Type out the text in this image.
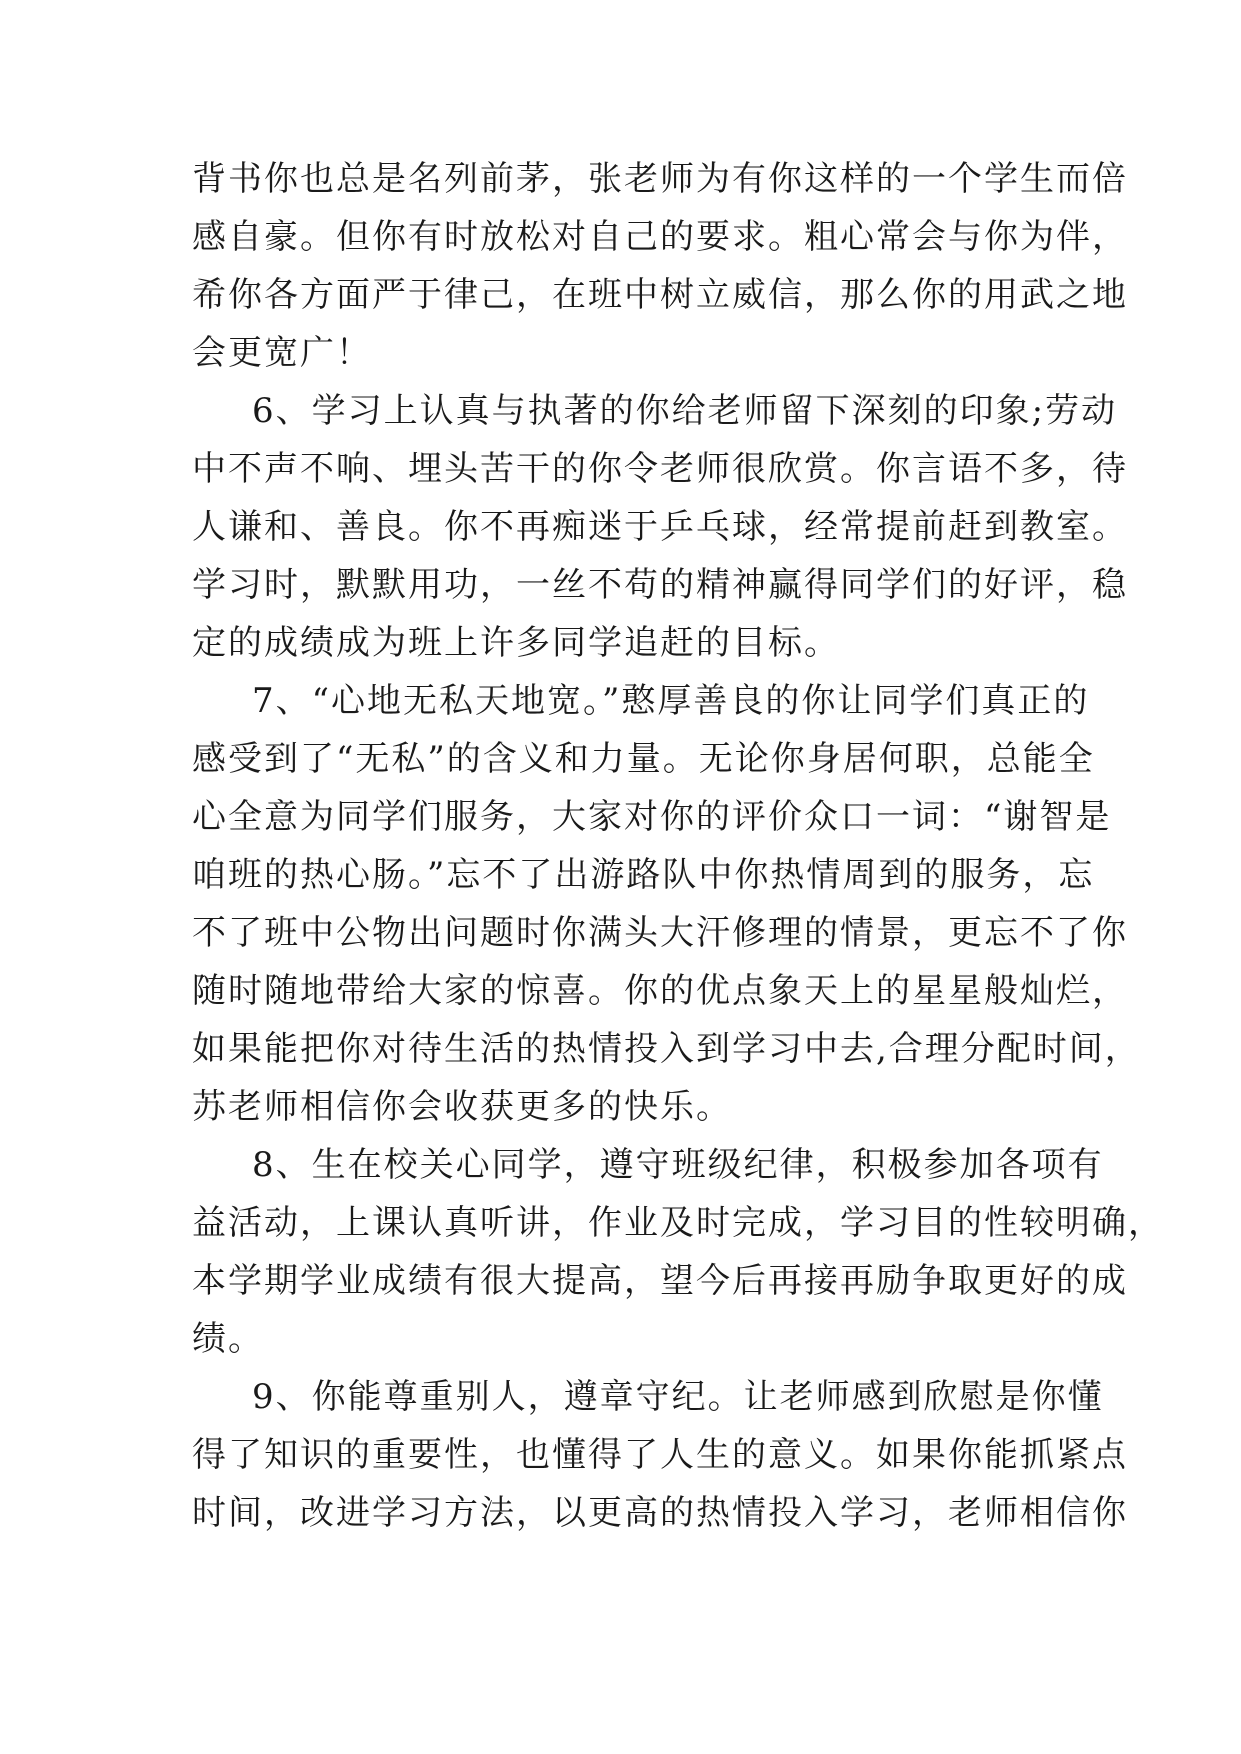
背书你也总是名列前茅，张老师为有你这样的一个学生而倍
感自豪。但你有时放松对自己的要求。粗心常会与你为伴，
希你各方面严于律己，在班中树立威信，那么你的用武之地
会更宽广！
6、学习上认真与执著的你给老师留下深刻的印象;劳动
中不声不响、埋头苦干的你令老师很欣赏。你言语不多，待
人谦和、善良。你不再痴迷于乒乓球，经常提前赶到教室。
学习时，默默用功，一丝不苟的精神赢得同学们的好评，稳
定的成绩成为班上许多同学追赶的目标。
7、“心地无私天地宽。”憨厚善良的你让同学们真正的
感受到了“无私”的含义和力量。无论你身居何职，总能全
心全意为同学们服务，大家对你的评价众口一词：“谢智是
咱班的热心肠。”忘不了出游路队中你热情周到的服务，忘
不了班中公物出问题时你满头大汗修理的情景，更忘不了你
随时随地带给大家的惊喜。你的优点象天上的星星般灿烂，
如果能把你对待生活的热情投入到学习中去,合理分配时间，
苏老师相信你会收获更多的快乐。
8、生在校关心同学，遵守班级纪律，积极参加各项有
益活动，上课认真听讲，作业及时完成，学习目的性较明确，
本学期学业成绩有很大提高，望今后再接再励争取更好的成
绩。
9、你能尊重别人，遵章守纪。让老师感到欣慰是你懂
得了知识的重要性，也懂得了人生的意义。如果你能抓紧点
时间，改进学习方法，以更高的热情投入学习，老师相信你
